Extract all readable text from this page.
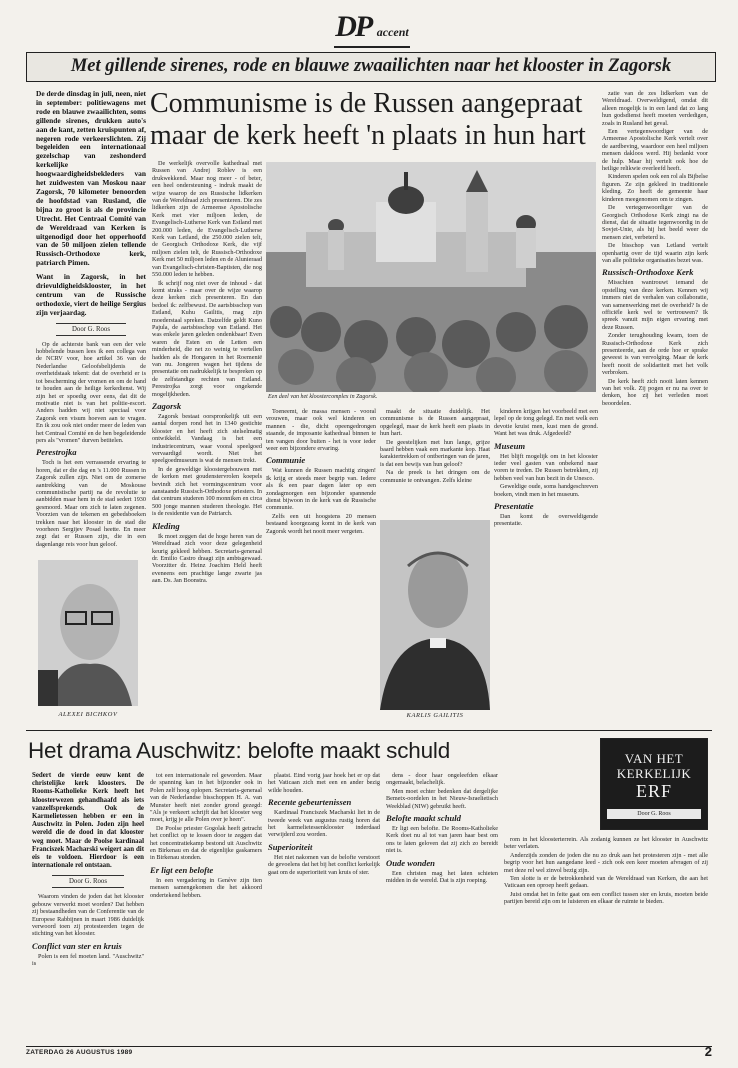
DP accent
Met gillende sirenes, rode en blauwe zwaailichten naar het klooster in Zagorsk
De derde dinsdag in juli, neen, niet in september: politiewagens met rode en blauwe zwaailichten, soms gillende sirenes, drukken auto's aan de kant, zetten kruispunten af, negeren rode verkeerslichten. Zij begeleiden een internationaal gezelschap van zeshonderd kerkelijke hoogwaardigheidsbekleders van het zuidwesten van Moskou naar Zagorsk, 70 kilometer benoorden de hoofdstad van Rusland, die bijna zo groot is als de provincie Utrecht. Het Centraal Comité van de Wereldraad van Kerken is uitgenodigd door het opperhoofd van de 50 miljoen zielen tellende Russisch-Orthodoxe kerk, patriarch Pimen.
Want in Zagorsk, in het drievuldigheidsklooster, in het centrum van de Russische orthodoxie, viert de heilige Sergius zijn verjaardag.
Door G. Roos
Op de achterste bank van een der vele hobbelende bussen lees ik een collega van de NCRV voor, hoe artikel 36 van de Nederlandse Geloofsbelijdenis de overheidstaak tekent: dat de overheid er is tot bescherming der vromen en om de hand te houden aan de heilige kerkedienst. Wij zijn het er spoedig over eens, dat dit de motivatie niet is van het politie-escort. Anders hadden wij niet speciaal voor Zagorsk een visum hoeven aan te vragen. En ik zou ook niet onder meer de leden van het Centraal Comité en de hen begeleidende pers als "vromen" durven betitelen.
Perestrojka
Toch is het een verrassende ervaring te horen, dat er die dag en 's 11.000 Russen in Zagorsk zullen zijn. Niet om de zomerse aantrekking van de Moskouse communistische partij na de revolutie te aanbidden maar hem in de stad sedert 1930 gesmoord. Maar om zich te laten zegenen. Voorzien van de tekenen en gebedsboeken trekken naar het klooster in de stad die voorheen Sergijev Posad heette. En meer zegt dat er Russen zijn, die in een dagenlange reis voor hun geloof.
Communisme is de Russen aangepraat
maar de kerk heeft 'n plaats in hun hart
De werkelijk overvolle kathedraal met Russen van Andrej Roblev is een drukwekkend. Maar nog meer - of beter, een heel ondersteuning - indruk maakt de wijze waarop de zes Russische lidkerken van de Wereldraad zich presenteren. Die zes lidkerken zijn de Armeense Apostolische Kerk met vier miljoen leden, de Evangelisch-Lutherse Kerk van Estland met 200.000 leden, de Evangelisch-Lutherse Kerk van Letland, die 250.000 zielen telt, de Georgisch Orthodoxe Kerk, die vijf miljoen zielen telt, de Russisch-Orthodoxe Kerk met 50 miljoen leden en de Alunieraad van Evangelisch-christen-Baptisten, die nog 550.000 leden te hebben.
Ik schrijf nog niet over de inhoud - dat komt straks - maar over de wijze waarop deze kerken zich presenteren. En dan bedoel ik: zelfbewust. De aartsbisschop van Estland, Kuhu Gailitis, mag zijn moederstaal spreken. Datzelfde geldt Kuno Pajula, de aartsbisschop van Estland. Het was enkele jaren geleden ondenkbaar! Even waren de Esten en de Letten een minderheid, die net zo weinig te vertellen hadden als de Hongaren in het Roemenië van nu. Jongeren wagen het tijdens de presentatie om nadrukkelijk te bespreken op de zelfstandige rechten van Estland. Perestrojka zorgt voor ongekende mogelijkheden.
Zagorsk
Zagorsk bestaat oorspronkelijk uit een aantal dorpen rond het in 1340 gestichte klooster en het heeft zich stelselmatig ontwikkeld. Vandaag is het een industriecentrum, waar vooral speelgoed vervaardigd wordt. Niet het speelgoedmuseum is wat de mensen trekt.
In de geweldige kloostergebouwen met de kerken met goudenstervrolen koepels bevindt zich het vormingscentrum voor aanstaande Russisch-Orthodoxe priesters. In dat centrum studeren 100 monniken en circa 500 jonge mannen studeren theologie. Het is de residentie van de Patriarch.
Kleding
Ik moet zeggen dat de hoge heren van de Wereldraad zich voor deze gelegenheid keurig gekleed hebben. Secretaris-generaal dr. Emilio Castro draagt zijn ambtsgewaad. Voorzitter dr. Heinz Joachim Held heeft eveneens een prachtige lange zwarte jas aan. Ds. Jan Boonstra.
Een deel van het kloostercomplex in Zagorsk.
ALEXEI BICHKOV
Toeneemt, de massa mensen - vooral vrouwen, maar ook wel kinderen en mannen - die, dicht opeengedrongen staande, de imposante kathedraal binnen te ten vangen door buiten - het is voor ieder weer een bijzondere ervaring.
Communie
Wat kunnen de Russen machtig zingen! Ik krijg er steeds meer begrip van. Iedere als ik een paar dagen later op een zondagmorgen een bijzonder spannende dienst bijwoon in de kerk van de Russische communie.
Zelfs een uit hoogstens 20 mensen bestaand koorgezang komt in de kerk van Zagorsk wordt het nooit meer vergeten.
maakt de situatie duidelijk. Het communisme is de Russen aangepraat, opgelegd, maar de kerk heeft een plaats in hun hart.
De geestelijken met hun lange, grijze baard hebben vaak een markante kop. Haat karaktertrekken of ontberingen van de jaren, is dat een bewijs van hun geloof?
Na de preek is het dringen om de communie te ontvangen. Zelfs kleine
KARLIS GAILITIS
kinderen krijgen het voorbeeld met een lepel op de tong gelegd. En met welk een devotie kruist men, kust men de grond. Want het was druk. Afgedeeld?
Museum
Het blijft mogelijk om in het klooster ieder veel gasten van onbekend naar voren te treden. De Russen betrekken, zij hebben veel van hun bezit in de Unesco.
Geweldige oude, soms handgeschreven boeken, vindt men in het museum.
Presentatie
Dan komt de overweldigende presentatie.
zatie van de zes lidkerken van de Wereldraad. Overweldigend, omdat dit alleen mogelijk is in een land dat zo lang hun godsdienst heeft moeten verdedigen, zoals in Rusland het geval.
Een vertegenwoordiger van de Armeense Apostolische Kerk vertelt over de aardbeving, waardoor een heel miljoen mensen dakloos werd. Hij bedankt voor de hulp. Maar hij vertelt ook hoe de heilige relikwie overleefd heeft.
Kinderen spelen ook een rol als Bijbelse figuren. Ze zijn gekleed in traditionele kleding. Zo heeft de gemeente haar kinderen meegenomen om te zingen.
De vertegenwoordiger van de Georgisch Orthodoxe Kerk zingt na de dienst, dat de situatie tegenwoordig in de Sovjet-Unie, als hij het beeld weer de mensen ziet, verbeterd is.
De bisschop van Letland vertelt openhartig over de tijd waarin zijn kerk van alle politieke organisaties bezet was.
Russisch-Orthodoxe Kerk
Misschien wantrouwt iemand de opstelling van deze kerken. Kennen wij immers niet de verhalen van collaboratie, van samenwerking met de overheid? Is de officiële kerk wel te vertrouwen? Ik spreek vanuit mijn eigen ervaring met deze Russen.
Zonder terughouding kwam, toen de Russisch-Orthodoxe Kerk zich presenteerde, aan de orde hoe er sprake geweest is van vervolging. Maar de kerk heeft nooit de solidariteit met het volk verbroken.
De kerk heeft zich nooit laten kennen van het volk. Zij pogen er nu na over te denken, hoe zij het verleden moet beoordelen.
Het drama Auschwitz: belofte maakt schuld	VAN HET
KERKELIJK
ERF
Door G. Roos
Sedert de vierde eeuw kent de christelijke kerk kloosters. De Rooms-Katholieke Kerk heeft het kloosterwezen gehandhaafd als iets vanzelfsprekends. Ook de Karmelietessen hebben er een in Auschwitz in Polen. Joden zijn heel wereld die de dood in dat klooster weg moet. Maar de Poolse kardinaal Franciszek Macharski weigert aan dit eis te voldoen. Hierdoor is een internationale rel ontstaan.
Door G. Roos
Waarom vinden de joden dat het klooster gebouw verwerkt moet worden? Dat hebben zij bestaandheden van de Conferentie van de Europese Rabbijnen in maart 1986 duidelijk verwoord toen zij protesteerden tegen de stichting van het klooster.
Conflict van ster en kruis
Polen is een fel moeten land. "Auschwitz" is
tot een internationale rel geworden. Maar de spanning kan in het bijzonder ook in Polen zelf hoog oplopen. Secretaris-generaal van de Nederlandse bisschoppen H. A. van Munster heeft niet zonder grond gezegd: "Als je verkeert schrijft dat het klooster weg moet, krijg je alle Polen over je heen".
De Poolse priester Gogolak heeft getracht het conflict op te lossen door te zeggen dat het concentratiekamp bestond uit Auschwitz en Birkenau en dat de eigenlijke gaskamers in Birkenau stonden.
Er ligt een belofte
In een vergadering in Genève zijn tien mensen samengekomen die het akkoord ondertekend hebben.
plaatst. Eind vorig jaar hoek het er op dat het Vaticaan zich met een en ander bezig wilde houden.
Recente gebeurtenissen
Kardinaal Franciszek Macharski liet in de tweede week van augustus rustig horen dat het karmelietessenklooster inderdaad verwijderd zou worden.
Superioriteit
Het niet nakomen van de belofte verstoort de gevoelens dat het bij het conflict kerkelijk gaat om de superioriteit van kruis of ster.
dens - door haar ongeleefden elkaar ongemaakt, belachelijk.
Men moet echter bedenken dat dergelijke Bemetx-oordelen in het Nieuw-Israelietisch Weekblad (NIW) gebruikt heeft.
Belofte maakt schuld
Er ligt een belofte. De Rooms-Katholieke Kerk doet nu al tot van jaren haar best om ons te laten geloven dat zij zich zo bereidt niet is.
Oude wonden
Een christen mag het laten schieten midden in de wereld. Dat is zijn roeping.
rom in het kloosterterrein. Als zodanig kunnen ze het klooster in Auschwitz beter verlaten.
Anderzijds zonden de joden die nu zo druk aan het protesteren zijn - met alle begrip voor het hun aangedane leed - zich ook een keer moeten afvragen of zij met deze rel wel zinvol bezig zijn.
Ten slotte is er de betrokkenheid van de Wereldraad van Kerken, die aan het Vaticaan een oproep heeft gedaan.
Juist omdat het in feite gaat om een conflict tussen ster en kruis, moeten beide partijen bereid zijn om te luisteren en elkaar de ruimte te bieden.
ZATERDAG 26 AUGUSTUS 1989	2
